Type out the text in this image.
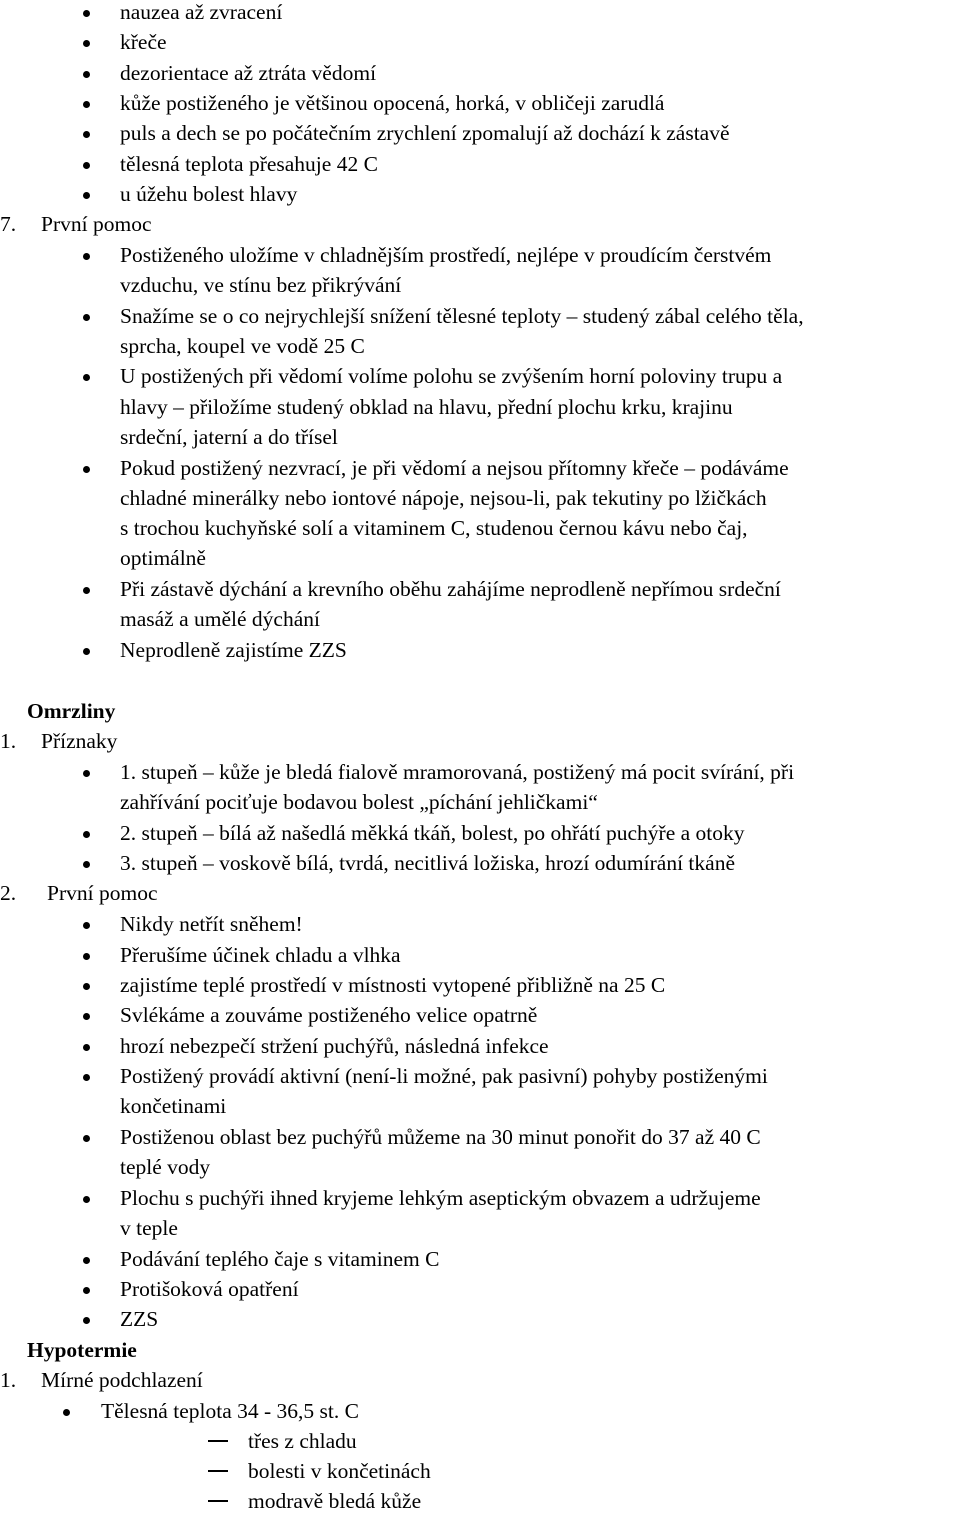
nauzea až zvracení
křeče
dezorientace až ztráta vědomí
kůže postiženého je většinou opocená, horká, v obličeji zarudlá
puls a dech se po počátečním zrychlení zpomalují až dochází k zástavě
tělesná teplota přesahuje 42 C
u úžehu bolest hlavy
7. První pomoc
Postiženého uložíme v chladnějším prostředí, nejlépe v proudícím čerstvém
vzduchu, ve stínu bez přikrývání
Snažíme se o co nejrychlejší snížení tělesné teploty – studený zábal celého těla,
sprcha, koupel ve vodě 25 C
U postižených při vědomí volíme polohu se zvýšením horní poloviny trupu a
hlavy – přiložíme studený obklad na hlavu, přední plochu krku, krajinu
srdeční, jaterní a do třísel
Pokud postižený nezvrací, je při vědomí a nejsou přítomny křeče – podáváme
chladné minerálky nebo iontové nápoje, nejsou-li, pak tekutiny po lžičkách
s trochou kuchyňské solí a vitaminem C, studenou černou kávu nebo čaj,
optimálně
Při zástavě dýchání a krevního oběhu zahájíme neprodleně nepřímou srdeční
masáž a umělé dýchání
Neprodleně zajistíme ZZS
Omrzliny
1. Příznaky
1. stupeň – kůže je bledá fialově mramorovaná, postižený má pocit svírání, při
zahřívání pociťuje bodavou bolest „píchání jehličkami“
2. stupeň – bílá až našedlá měkká tkáň, bolest, po ohřátí puchýře a otoky
3. stupeň – voskově bílá, tvrdá, necitlivá ložiska, hrozí odumírání tkáně
2. První pomoc
Nikdy netřít sněhem!
Přerušíme účinek chladu a vlhka
zajistíme teplé prostředí v místnosti vytopené přibližně na 25 C
Svlékáme a zouváme postiženého velice opatrně
hrozí nebezpečí stržení puchýřů, následná infekce
Postižený provádí aktivní (není-li možné, pak pasivní) pohyby postiženými
končetinami
Postiženou oblast bez puchýřů můžeme na 30 minut ponořit do 37 až 40 C
teplé vody
Plochu s puchýři ihned kryjeme lehkým aseptickým obvazem a udržujeme
v teple
Podávání teplého čaje s vitaminem C
Protišoková opatření
ZZS
Hypotermie
1. Mírné podchlazení
Tělesná teplota 34 - 36,5 st. C
třes z chladu
bolesti v končetinách
modravě bledá kůže
